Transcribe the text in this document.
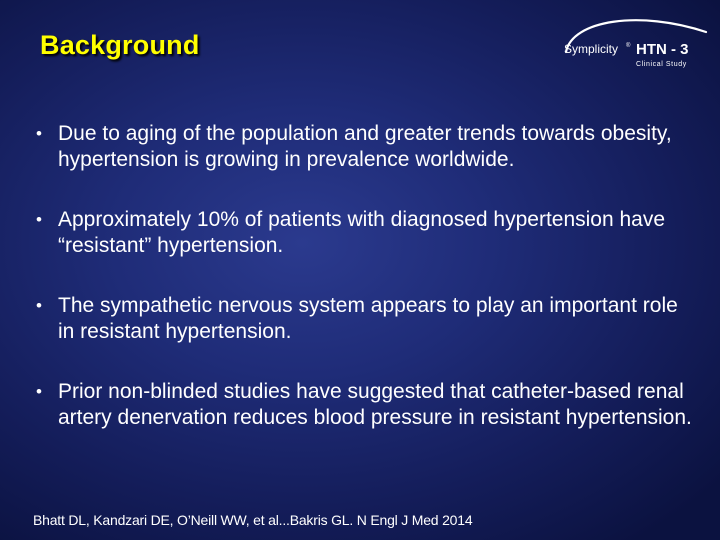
Background	Symplicity ® HTN - 3
Clinical Study
• Due to aging of the population and greater trends towards obesity, hypertension is growing in prevalence worldwide.
• Approximately 10% of patients with diagnosed hypertension have “resistant” hypertension.
• The sympathetic nervous system appears to play an important role in resistant hypertension.
• Prior non-blinded studies have suggested that catheter-based renal artery denervation reduces blood pressure in resistant hypertension.
Bhatt DL, Kandzari DE, O’Neill WW, et al...Bakris GL. N Engl J Med 2014
